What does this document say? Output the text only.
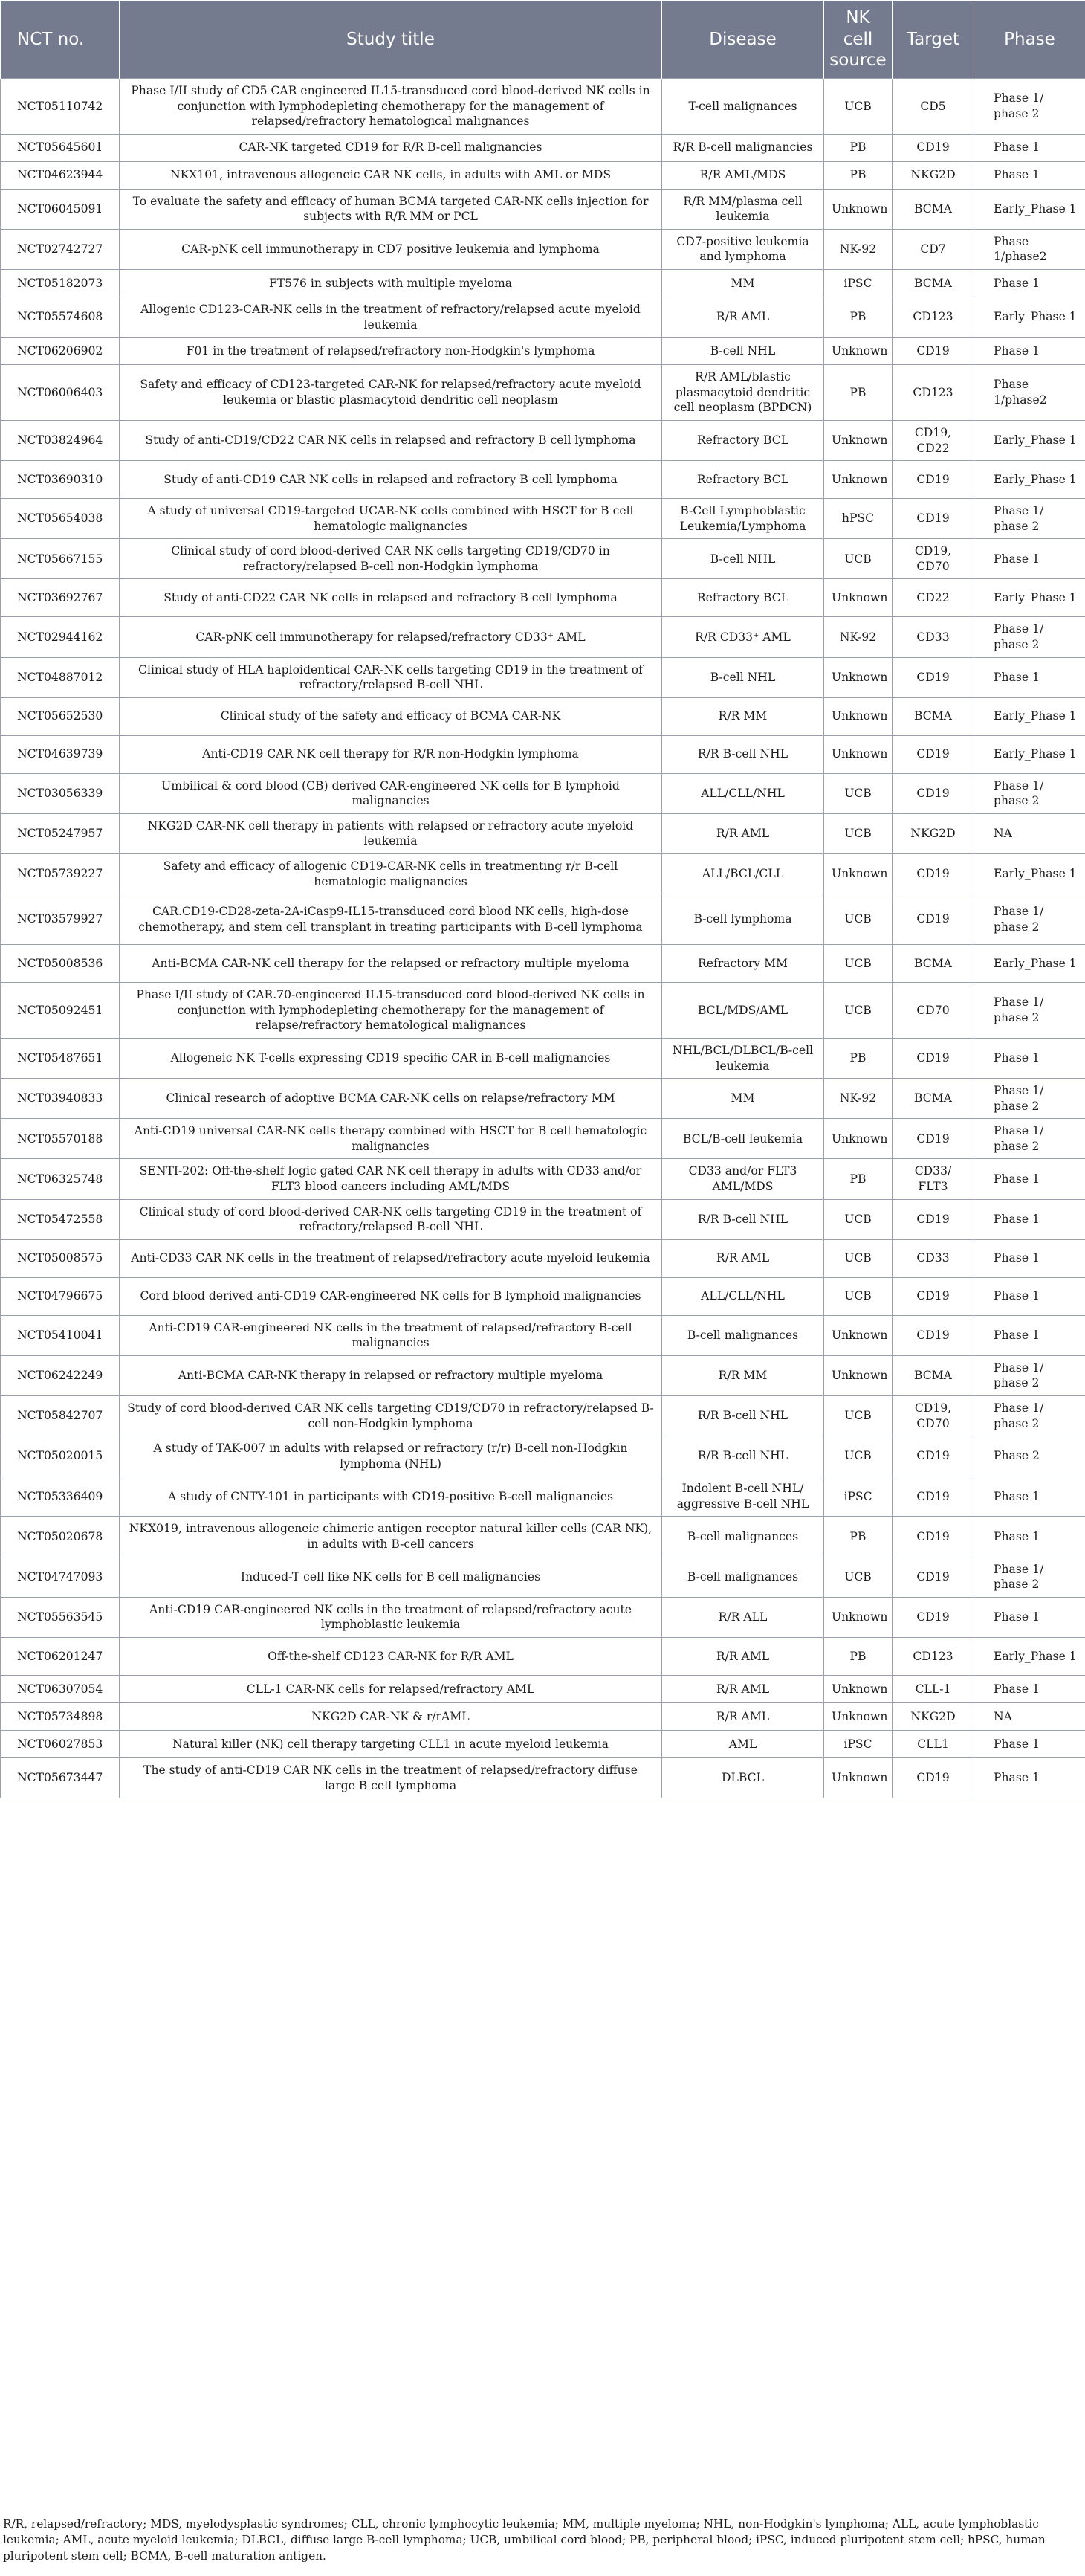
NCT no.	Study title	Disease	NK cell source	Target	Phase
NCT05110742	Phase I/II study of CD5 CAR engineered IL15-transduced cord blood-derived NK cells in conjunction with lymphodepleting chemotherapy for the management of relapsed/refractory hematological malignances	T-cell malignances	UCB	CD5	Phase 1/ phase 2
NCT05645601	CAR-NK targeted CD19 for R/R B-cell malignancies	R/R B-cell malignancies	PB	CD19	Phase 1
NCT04623944	NKX101, intravenous allogeneic CAR NK cells, in adults with AML or MDS	R/R AML/MDS	PB	NKG2D	Phase 1
NCT06045091	To evaluate the safety and efficacy of human BCMA targeted CAR-NK cells injection for subjects with R/R MM or PCL	R/R MM/plasma cell leukemia	Unknown	BCMA	Early_Phase 1
NCT02742727	CAR-pNK cell immunotherapy in CD7 positive leukemia and lymphoma	CD7-positive leukemia and lymphoma	NK-92	CD7	Phase 1/phase2
NCT05182073	FT576 in subjects with multiple myeloma	MM	iPSC	BCMA	Phase 1
NCT05574608	Allogenic CD123-CAR-NK cells in the treatment of refractory/relapsed acute myeloid leukemia	R/R AML	PB	CD123	Early_Phase 1
NCT06206902	F01 in the treatment of relapsed/refractory non-Hodgkin's lymphoma	B-cell NHL	Unknown	CD19	Phase 1
NCT06006403	Safety and efficacy of CD123-targeted CAR-NK for relapsed/refractory acute myeloid leukemia or blastic plasmacytoid dendritic cell neoplasm	R/R AML/blastic plasmacytoid dendritic cell neoplasm (BPDCN)	PB	CD123	Phase 1/phase2
NCT03824964	Study of anti-CD19/CD22 CAR NK cells in relapsed and refractory B cell lymphoma	Refractory BCL	Unknown	CD19, CD22	Early_Phase 1
NCT03690310	Study of anti-CD19 CAR NK cells in relapsed and refractory B cell lymphoma	Refractory BCL	Unknown	CD19	Early_Phase 1
NCT05654038	A study of universal CD19-targeted UCAR-NK cells combined with HSCT for B cell hematologic malignancies	B-Cell Lymphoblastic Leukemia/Lymphoma	hPSC	CD19	Phase 1/ phase 2
NCT05667155	Clinical study of cord blood-derived CAR NK cells targeting CD19/CD70 in refractory/relapsed B-cell non-Hodgkin lymphoma	B-cell NHL	UCB	CD19, CD70	Phase 1
NCT03692767	Study of anti-CD22 CAR NK cells in relapsed and refractory B cell lymphoma	Refractory BCL	Unknown	CD22	Early_Phase 1
NCT02944162	CAR-pNK cell immunotherapy for relapsed/refractory CD33⁺ AML	R/R CD33⁺ AML	NK-92	CD33	Phase 1/ phase 2
NCT04887012	Clinical study of HLA haploidentical CAR-NK cells targeting CD19 in the treatment of refractory/relapsed B-cell NHL	B-cell NHL	Unknown	CD19	Phase 1
NCT05652530	Clinical study of the safety and efficacy of BCMA CAR-NK	R/R MM	Unknown	BCMA	Early_Phase 1
NCT04639739	Anti-CD19 CAR NK cell therapy for R/R non-Hodgkin lymphoma	R/R B-cell NHL	Unknown	CD19	Early_Phase 1
NCT03056339	Umbilical & cord blood (CB) derived CAR-engineered NK cells for B lymphoid malignancies	ALL/CLL/NHL	UCB	CD19	Phase 1/ phase 2
NCT05247957	NKG2D CAR-NK cell therapy in patients with relapsed or refractory acute myeloid leukemia	R/R AML	UCB	NKG2D	NA
NCT05739227	Safety and efficacy of allogenic CD19-CAR-NK cells in treatmenting r/r B-cell hematologic malignancies	ALL/BCL/CLL	Unknown	CD19	Early_Phase 1
NCT03579927	CAR.CD19-CD28-zeta-2A-iCasp9-IL15-transduced cord blood NK cells, high-dose chemotherapy, and stem cell transplant in treating participants with B-cell lymphoma	B-cell lymphoma	UCB	CD19	Phase 1/ phase 2
NCT05008536	Anti-BCMA CAR-NK cell therapy for the relapsed or refractory multiple myeloma	Refractory MM	UCB	BCMA	Early_Phase 1
NCT05092451	Phase I/II study of CAR.70-engineered IL15-transduced cord blood-derived NK cells in conjunction with lymphodepleting chemotherapy for the management of relapse/refractory hematological malignances	BCL/MDS/AML	UCB	CD70	Phase 1/ phase 2
NCT05487651	Allogeneic NK T-cells expressing CD19 specific CAR in B-cell malignancies	NHL/BCL/DLBCL/B-cell leukemia	PB	CD19	Phase 1
NCT03940833	Clinical research of adoptive BCMA CAR-NK cells on relapse/refractory MM	MM	NK-92	BCMA	Phase 1/ phase 2
NCT05570188	Anti-CD19 universal CAR-NK cells therapy combined with HSCT for B cell hematologic malignancies	BCL/B-cell leukemia	Unknown	CD19	Phase 1/ phase 2
NCT06325748	SENTI-202: Off-the-shelf logic gated CAR NK cell therapy in adults with CD33 and/or FLT3 blood cancers including AML/MDS	CD33 and/or FLT3 AML/MDS	PB	CD33/ FLT3	Phase 1
NCT05472558	Clinical study of cord blood-derived CAR-NK cells targeting CD19 in the treatment of refractory/relapsed B-cell NHL	R/R B-cell NHL	UCB	CD19	Phase 1
NCT05008575	Anti-CD33 CAR NK cells in the treatment of relapsed/refractory acute myeloid leukemia	R/R AML	UCB	CD33	Phase 1
NCT04796675	Cord blood derived anti-CD19 CAR-engineered NK cells for B lymphoid malignancies	ALL/CLL/NHL	UCB	CD19	Phase 1
NCT05410041	Anti-CD19 CAR-engineered NK cells in the treatment of relapsed/refractory B-cell malignancies	B-cell malignances	Unknown	CD19	Phase 1
NCT06242249	Anti-BCMA CAR-NK therapy in relapsed or refractory multiple myeloma	R/R MM	Unknown	BCMA	Phase 1/ phase 2
NCT05842707	Study of cord blood-derived CAR NK cells targeting CD19/CD70 in refractory/relapsed B-cell non-Hodgkin lymphoma	R/R B-cell NHL	UCB	CD19, CD70	Phase 1/ phase 2
NCT05020015	A study of TAK-007 in adults with relapsed or refractory (r/r) B-cell non-Hodgkin lymphoma (NHL)	R/R B-cell NHL	UCB	CD19	Phase 2
NCT05336409	A study of CNTY-101 in participants with CD19-positive B-cell malignancies	Indolent B-cell NHL/ aggressive B-cell NHL	iPSC	CD19	Phase 1
NCT05020678	NKX019, intravenous allogeneic chimeric antigen receptor natural killer cells (CAR NK), in adults with B-cell cancers	B-cell malignances	PB	CD19	Phase 1
NCT04747093	Induced-T cell like NK cells for B cell malignancies	B-cell malignances	UCB	CD19	Phase 1/ phase 2
NCT05563545	Anti-CD19 CAR-engineered NK cells in the treatment of relapsed/refractory acute lymphoblastic leukemia	R/R ALL	Unknown	CD19	Phase 1
NCT06201247	Off-the-shelf CD123 CAR-NK for R/R AML	R/R AML	PB	CD123	Early_Phase 1
NCT06307054	CLL-1 CAR-NK cells for relapsed/refractory AML	R/R AML	Unknown	CLL-1	Phase 1
NCT05734898	NKG2D CAR-NK & r/rAML	R/R AML	Unknown	NKG2D	NA
NCT06027853	Natural killer (NK) cell therapy targeting CLL1 in acute myeloid leukemia	AML	iPSC	CLL1	Phase 1
NCT05673447	The study of anti-CD19 CAR NK cells in the treatment of relapsed/refractory diffuse large B cell lymphoma	DLBCL	Unknown	CD19	Phase 1
R/R, relapsed/refractory; MDS, myelodysplastic syndromes; CLL, chronic lymphocytic leukemia; MM, multiple myeloma; NHL, non-Hodgkin's lymphoma; ALL, acute lymphoblastic leukemia; AML, acute myeloid leukemia; DLBCL, diffuse large B-cell lymphoma; UCB, umbilical cord blood; PB, peripheral blood; iPSC, induced pluripotent stem cell; hPSC, human pluripotent stem cell; BCMA, B-cell maturation antigen.
